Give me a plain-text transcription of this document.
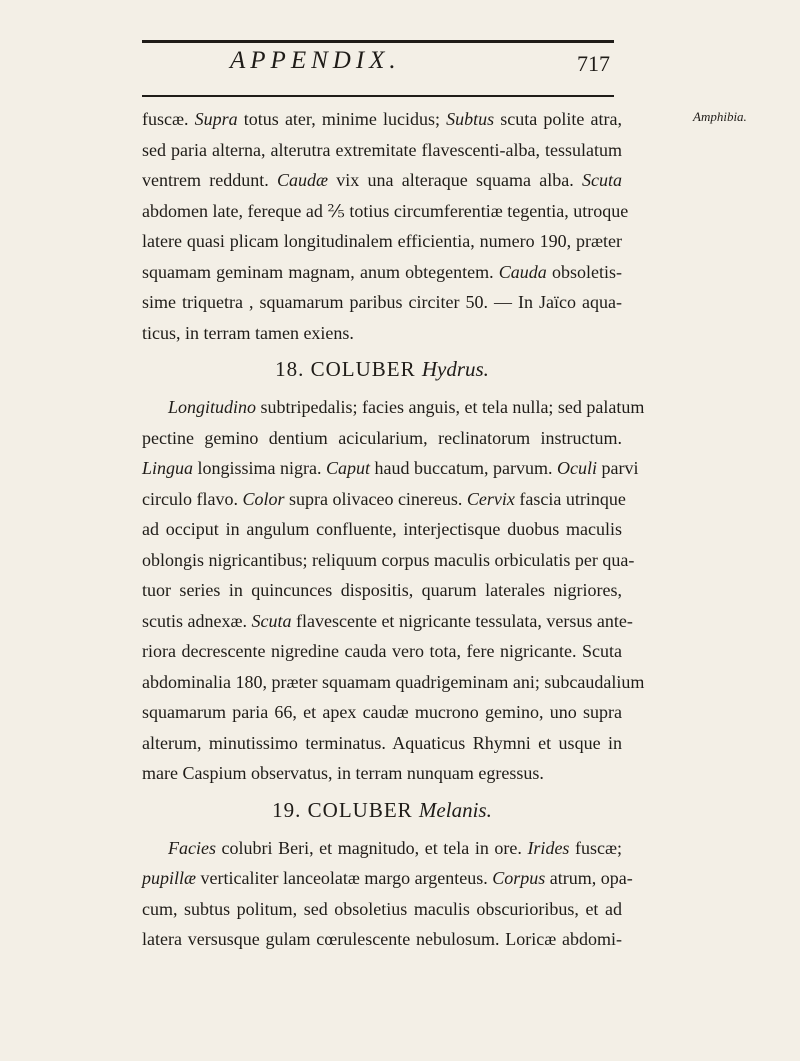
APPENDIX.	717
Amphibia.
fuscæ. Supra totus ater, minime lucidus; Subtus scuta polite atra,
sed paria alterna, alterutra extremitate flavescenti-alba, tessulatum
ventrem reddunt. Caudæ vix una alteraque squama alba. Scuta
abdomen late, fereque ad ⅖ totius circumferentiæ tegentia, utroque
latere quasi plicam longitudinalem efficientia, numero 190, præter
squamam geminam magnam, anum obtegentem. Cauda obsoletis-
sime triquetra , squamarum paribus circiter 50. — In Jaïco aqua-
ticus, in terram tamen exiens.
18. COLUBER Hydrus.
Longitudino subtripedalis; facies anguis, et tela nulla; sed palatum
pectine gemino dentium acicularium, reclinatorum instructum.
Lingua longissima nigra. Caput haud buccatum, parvum. Oculi parvi
circulo flavo. Color supra olivaceo cinereus. Cervix fascia utrinque
ad occiput in angulum confluente, interjectisque duobus maculis
oblongis nigricantibus; reliquum corpus maculis orbiculatis per qua-
tuor series in quincunces dispositis, quarum laterales nigriores,
scutis adnexæ. Scuta flavescente et nigricante tessulata, versus ante-
riora decrescente nigredine cauda vero tota, fere nigricante. Scuta
abdominalia 180, præter squamam quadrigeminam ani; subcaudalium
squamarum paria 66, et apex caudæ mucrono gemino, uno supra
alterum, minutissimo terminatus. Aquaticus Rhymni et usque in
mare Caspium observatus, in terram nunquam egressus.
19. COLUBER Melanis.
Facies colubri Beri, et magnitudo, et tela in ore. Irides fuscæ;
pupillæ verticaliter lanceolatæ margo argenteus. Corpus atrum, opa-
cum, subtus politum, sed obsoletius maculis obscurioribus, et ad
latera versusque gulam cœrulescente nebulosum. Loricæ abdomi-
